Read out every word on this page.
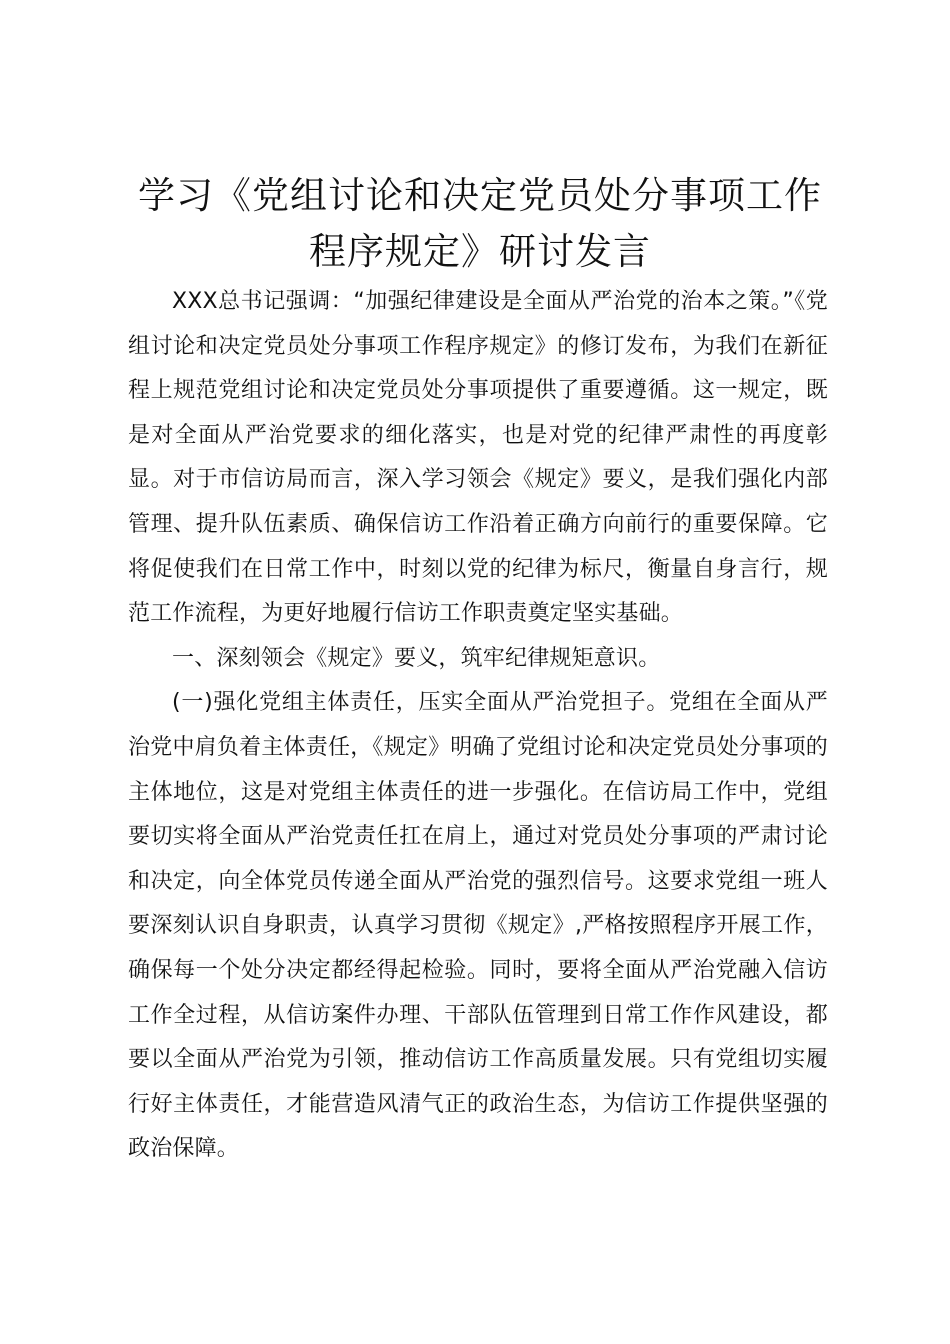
学习《党组讨论和决定党员处分事项工作程序规定》研讨发言

XXX总书记强调：“加强纪律建设是全面从严治党的治本之策。”《党组讨论和决定党员处分事项工作程序规定》的修订发布，为我们在新征程上规范党组讨论和决定党员处分事项提供了重要遵循。这一规定，既是对全面从严治党要求的细化落实，也是对党的纪律严肃性的再度彰显。对于市信访局而言，深入学习领会《规定》要义，是我们强化内部管理、提升队伍素质、确保信访工作沿着正确方向前行的重要保障。它将促使我们在日常工作中，时刻以党的纪律为标尺，衡量自身言行，规范工作流程，为更好地履行信访工作职责奠定坚实基础。

一、深刻领会《规定》要义，筑牢纪律规矩意识。

(一)强化党组主体责任，压实全面从严治党担子。党组在全面从严治党中肩负着主体责任，《规定》明确了党组讨论和决定党员处分事项的主体地位，这是对党组主体责任的进一步强化。在信访局工作中，党组要切实将全面从严治党责任扛在肩上，通过对党员处分事项的严肃讨论和决定，向全体党员传递全面从严治党的强烈信号。这要求党组一班人要深刻认识自身职责，认真学习贯彻《规定》,严格按照程序开展工作，确保每一个处分决定都经得起检验。同时，要将全面从严治党融入信访工作全过程，从信访案件办理、干部队伍管理到日常工作作风建设，都要以全面从严治党为引领，推动信访工作高质量发展。只有党组切实履行好主体责任，才能营造风清气正的政治生态，为信访工作提供坚强的政治保障。
